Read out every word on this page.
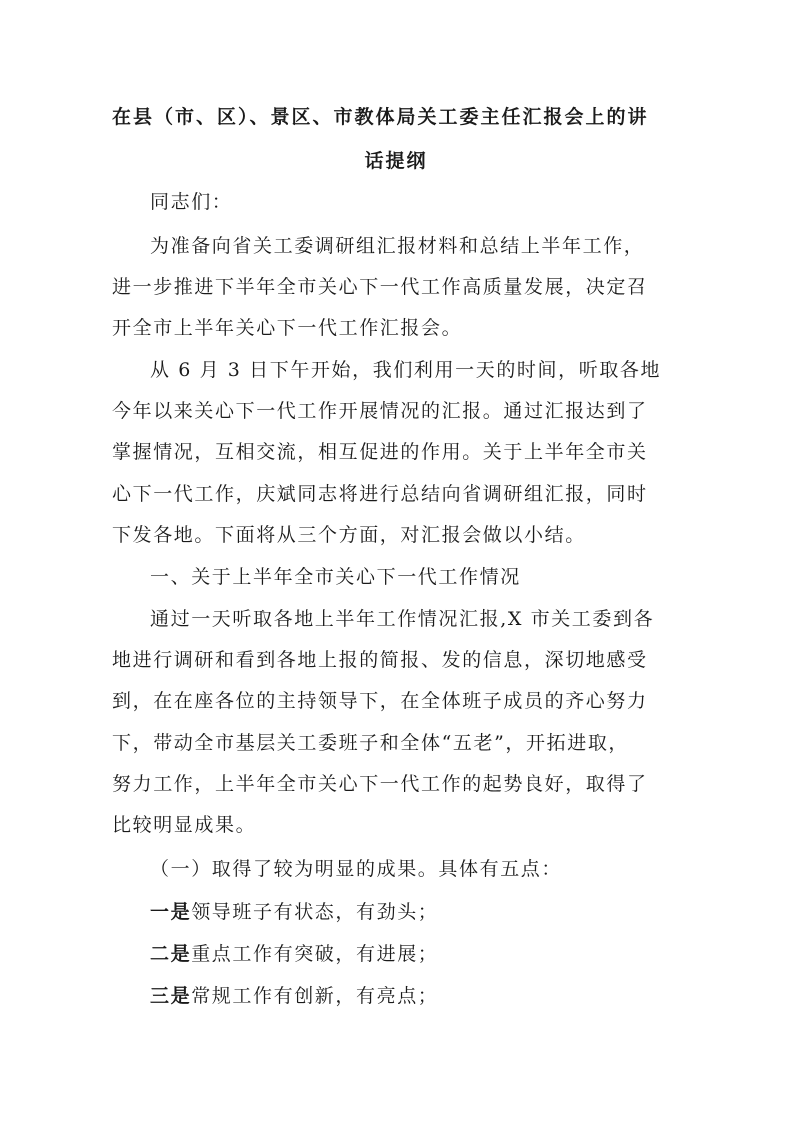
在县（市、区）、景区、市教体局关工委主任汇报会上的讲
话提纲
同志们：
为准备向省关工委调研组汇报材料和总结上半年工作，
进一步推进下半年全市关心下一代工作高质量发展，决定召
开全市上半年关心下一代工作汇报会。
从 6 月 3 日下午开始，我们利用一天的时间，听取各地
今年以来关心下一代工作开展情况的汇报。通过汇报达到了
掌握情况，互相交流，相互促进的作用。关于上半年全市关
心下一代工作，庆斌同志将进行总结向省调研组汇报，同时
下发各地。下面将从三个方面，对汇报会做以小结。
一、关于上半年全市关心下一代工作情况
通过一天听取各地上半年工作情况汇报,X 市关工委到各
地进行调研和看到各地上报的简报、发的信息，深切地感受
到，在在座各位的主持领导下，在全体班子成员的齐心努力
下，带动全市基层关工委班子和全体“五老”，开拓进取，
努力工作，上半年全市关心下一代工作的起势良好，取得了
比较明显成果。
（一）取得了较为明显的成果。具体有五点：
一是领导班子有状态，有劲头；
二是重点工作有突破，有进展；
三是常规工作有创新，有亮点；
